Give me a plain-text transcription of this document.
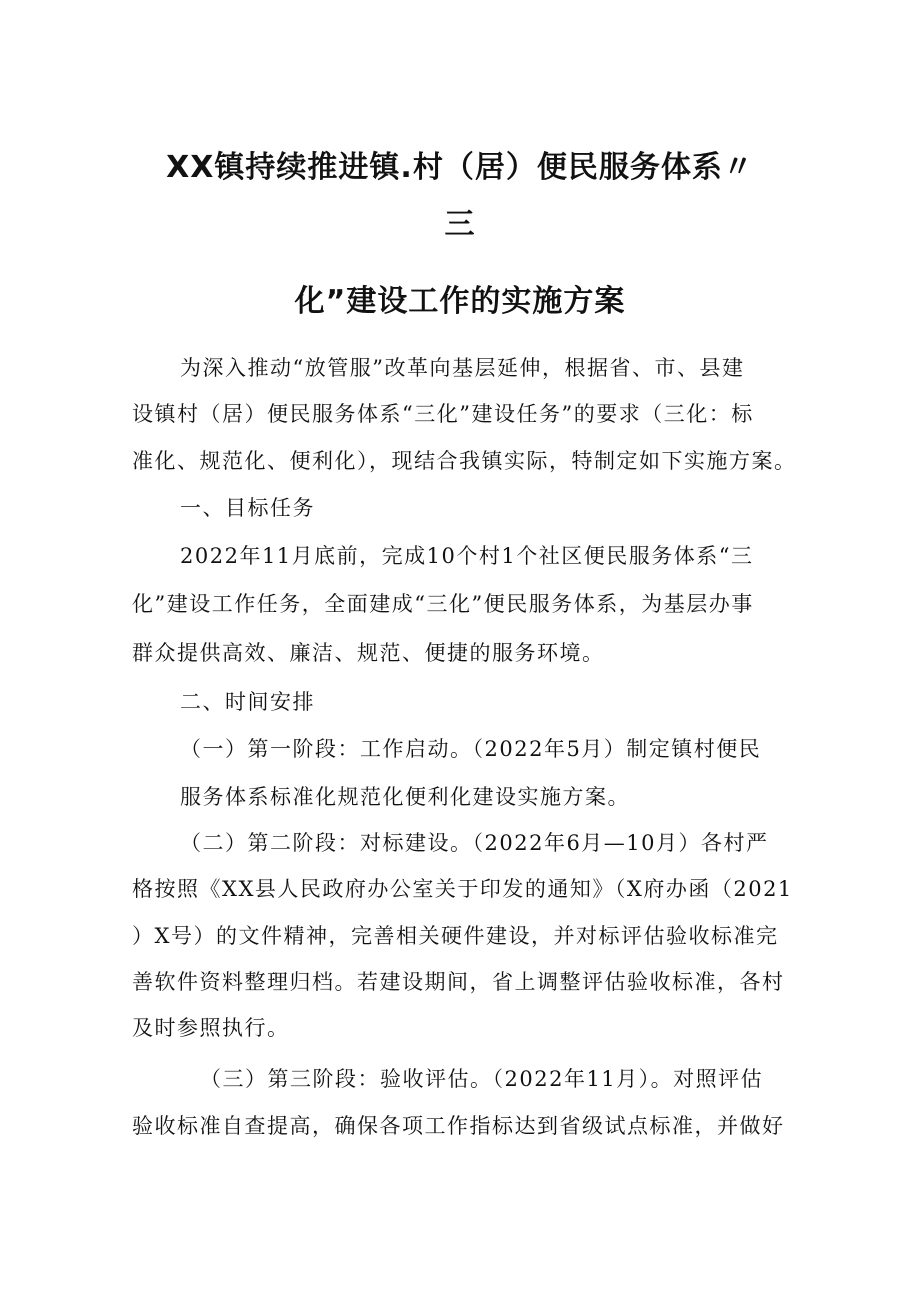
XX镇持续推进镇.村（居）便民服务体系〃
三
化”建设工作的实施方案
为深入推动“放管服”改革向基层延伸，根据省、市、县建
设镇村（居）便民服务体系“三化”建设任务”的要求（三化：标
准化、规范化、便利化），现结合我镇实际，特制定如下实施方案。
一、目标任务
2022年11月底前，完成10个村1个社区便民服务体系“三
化”建设工作任务，全面建成“三化”便民服务体系，为基层办事
群众提供高效、廉洁、规范、便捷的服务环境。
二、时间安排
（一）第一阶段：工作启动。（2022年5月）制定镇村便民
服务体系标准化规范化便利化建设实施方案。
（二）第二阶段：对标建设。（2022年6月—10月）各村严
格按照《XX县人民政府办公室关于印发的通知》（X府办函（2021
）X号）的文件精神，完善相关硬件建设，并对标评估验收标准完
善软件资料整理归档。若建设期间，省上调整评估验收标准，各村
及时参照执行。
（三）第三阶段：验收评估。（2022年11月）。对照评估
验收标准自查提高，确保各项工作指标达到省级试点标准，并做好
